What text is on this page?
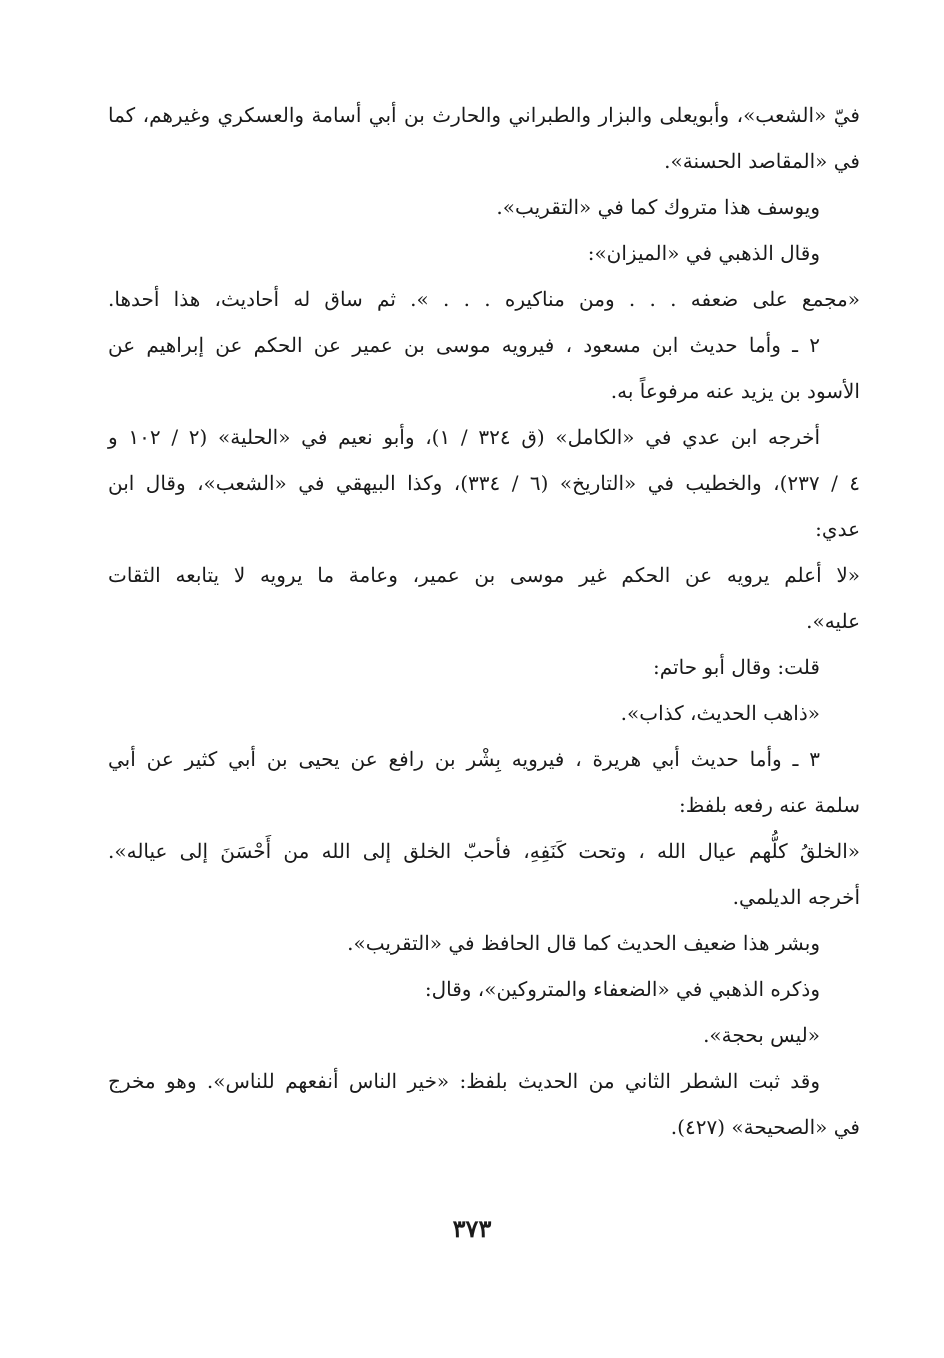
فيّ «الشعب»، وأبويعلى والبزار والطبراني والحارث بن أبي أسامة والعسكري وغيرهم، كما
في «المقاصد الحسنة».
ويوسف هذا متروك كما في «التقريب».
وقال الذهبي في «الميزان»:
«مجمع على ضعفه . . . ومن مناكيره . . . ». ثم ساق له أحاديث، هذا أحدها.
٢ ـ وأما حديث ابن مسعود ، فيرويه موسى بن عمير عن الحكم عن إبراهيم عن
الأسود بن يزيد عنه مرفوعاً به.
أخرجه ابن عدي في «الكامل» (ق ٣٢٤ / ١)، وأبو نعيم في «الحلية» (٢ / ١٠٢ و
٤ / ٢٣٧)، والخطيب في «التاريخ» (٦ / ٣٣٤)، وكذا البيهقي في «الشعب»، وقال ابن
عدي:
«لا أعلم يرويه عن الحكم غير موسى بن عمير، وعامة ما يرويه لا يتابعه الثقات
عليه».
قلت: وقال أبو حاتم:
«ذاهب الحديث، كذاب».
٣ ـ وأما حديث أبي هريرة ، فيرويه بِشْر بن رافع عن يحيى بن أبي كثير عن أبي
سلمة عنه رفعه بلفظ:
«الخلقُ كلُّهم عيال الله ، وتحت كَنَفِهِ، فأحبّ الخلق إلى الله من أَحْسَنَ إلى عياله».
أخرجه الديلمي.
وبشر هذا ضعيف الحديث كما قال الحافظ في «التقريب».
وذكره الذهبي في «الضعفاء والمتروكين»، وقال:
«ليس بحجة».
وقد ثبت الشطر الثاني من الحديث بلفظ: «خير الناس أنفعهم للناس». وهو مخرج
في «الصحيحة» (٤٢٧).
٣٧٣
